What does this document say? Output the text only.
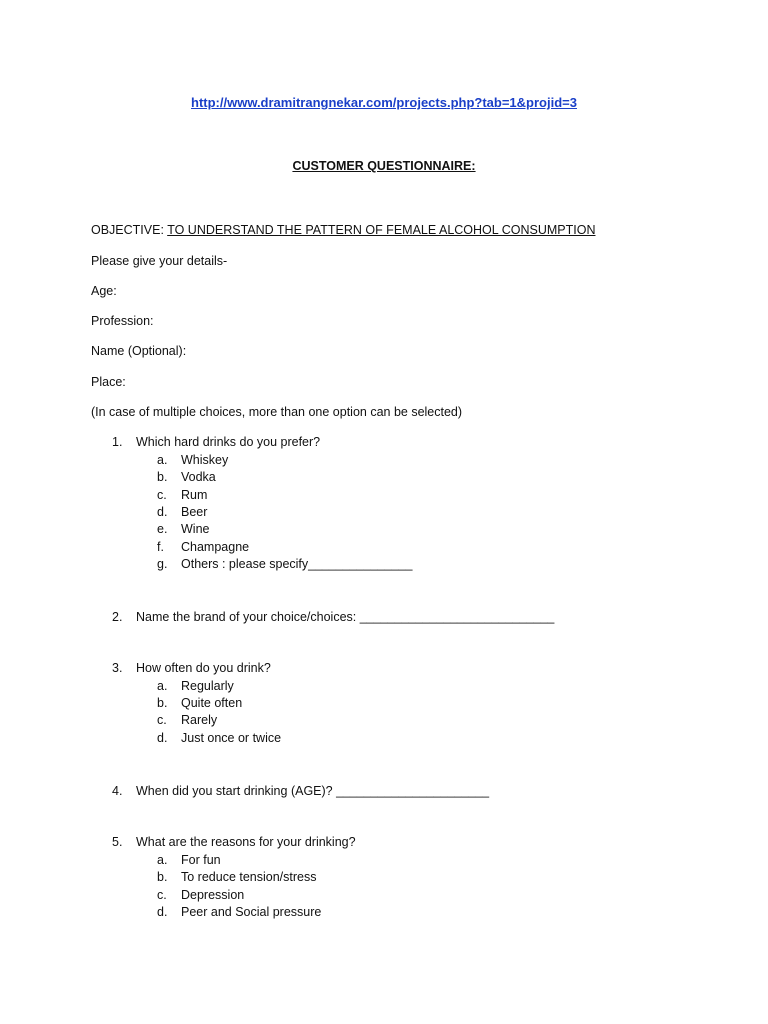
http://www.dramitrangnekar.com/projects.php?tab=1&projid=3
CUSTOMER QUESTIONNAIRE:
OBJECTIVE: TO UNDERSTAND THE PATTERN OF FEMALE ALCOHOL CONSUMPTION
Please give your details-
Age:
Profession:
Name (Optional):
Place:
(In case of multiple choices, more than one option can be selected)
1. Which hard drinks do you prefer?
a. Whiskey
b. Vodka
c. Rum
d. Beer
e. Wine
f. Champagne
g. Others : please specify_______________
2. Name the brand of your choice/choices: ____________________________
3. How often do you drink?
a. Regularly
b. Quite often
c. Rarely
d. Just once or twice
4. When did you start drinking (AGE)? ______________________
5. What are the reasons for your drinking?
a. For fun
b. To reduce tension/stress
c. Depression
d. Peer and Social pressure
